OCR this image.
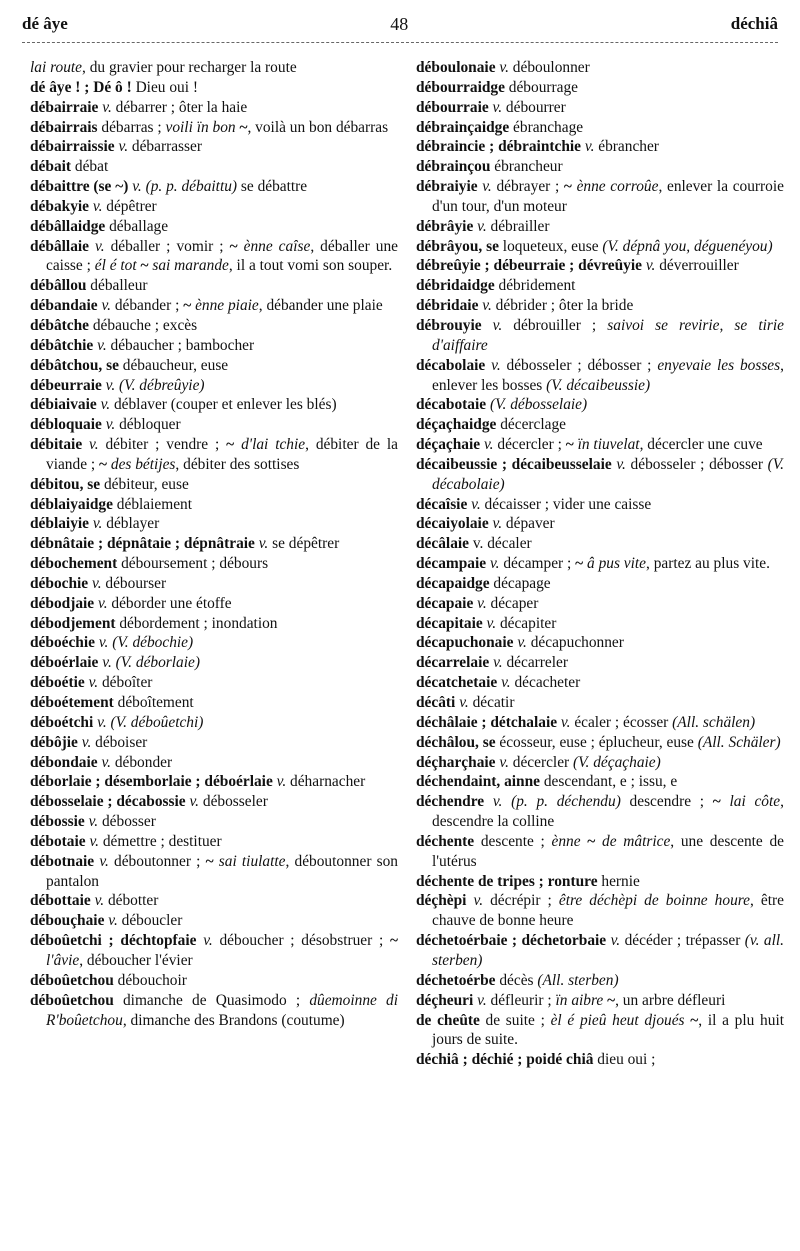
dé âye	48	déchiâ
lai route, du gravier pour recharger la route
dé âye ! ; Dé ô ! Dieu oui !
débairraie v. débarrer ; ôter la haie
débairrais débarras ; voili ïn bon ~, voilà un bon débarras
débairraissie v. débarrasser
débait débat
débaittre (se ~) v. (p. p. débaittu) se débattre
débakyie v. dépêtrer
débâllaidge déballage
débâllaie v. déballer ; vomir ; ~ ènne caîse, déballer une caisse ; él é tot ~ sai marande, il a tout vomi son souper.
débâllou déballeur
débandaie v. débander ; ~ ènne piaie, débander une plaie
débâtche débauche ; excès
débâtchie v. débaucher ; bambocher
débâtchou, se débaucheur, euse
débeurraie v. (V. débreûyie)
débiaivaie v. déblaver (couper et enlever les blés)
débloquaie v. débloquer
débitaie v. débiter ; vendre ; ~ d'lai tchie, débiter de la viande ; ~ des bétijes, débiter des sottises
débitou, se débiteur, euse
déblaiyaidge déblaiement
déblaiyie v. déblayer
débnâtaie ; dépnâtaie ; dépnâtraie v. se dépêtrer
débochement déboursement ; débours
débochie v. débourser
débodjaie v. déborder une étoffe
débodjement débordement ; inondation
déboéchie v. (V. débochie)
déboérlaie v. (V. déborlaie)
déboétie v. déboîter
déboétement déboîtement
déboétchi v. (V. déboûetchi)
débôjie v. déboiser
débondaie v. débonder
déborlaie ; désemborlaie ; déboérlaie v. déharnacher
débosselaie ; décabossie v. débosseler
débossie v. débosser
débotaie v. démettre ; destituer
débotnaie v. déboutonner ; ~ sai tiulatte, déboutonner son pantalon
débottaie v. débotter
débouçhaie v. déboucler
déboûetchi ; déchtopfaie v. déboucher ; désobstruer ; ~ l'âvie, déboucher l'évier
déboûetchou débouchoir
déboûetchou dimanche de Quasimodo ; dûemoinne di R'boûetchou, dimanche des Brandons (coutume)
déboulonaie v. déboulonner
débourraidge débourrage
débourraie v. débourrer
débrainçaidge ébranchage
débraincie ; débraintchie v. ébrancher
débrainçou ébrancheur
débraiyie v. débrayer ; ~ ènne corroûe, enlever la courroie d'un tour, d'un moteur
débrâyie v. débrailler
débrâyou, se loqueteux, euse (V. dépnâ you, déguenéyou)
débreûyie ; débeurraie ; dévreûyie v. déverrouiller
débridaidge débridement
débridaie v. débrider ; ôter la bride
débrouyie v. débrouiller ; saivoi se revirie, se tirie d'aiffaire
décabolaie v. débosseler ; débosser ; enyevaie les bosses, enlever les bosses (V. décaibeussie)
décabotaie (V. débosselaie)
déçaçhaidge décerclage
déçaçhaie v. décercler ; ~ ïn tiuvelat, décercler une cuve
décaibeussie ; décaibeusselaie v. débosseler ; débosser (V. décabolaie)
décaîsie v. décaisser ; vider une caisse
décaiyolaie v. dépaver
décâlaie v. décaler
décampaie v. décamper ; ~ â pus vite, partez au plus vite.
décapaidge décapage
décapaie v. décaper
décapitaie v. décapiter
décapuchonaie v. décapuchonner
décarrelaie v. décarreler
décatchetaie v. décacheter
décâti v. décatir
déchâlaie ; détchalaie v. écaler ; écosser (All. schälen)
déchâlou, se écosseur, euse ; éplucheur, euse (All. Schäler)
déçharçhaie v. décercler (V. déçaçhaie)
déchendaint, ainne descendant, e ; issu, e
déchendre v. (p. p. déchendu) descendre ; ~ lai côte, descendre la colline
déchente descente ; ènne ~ de mâtrice, une descente de l'utérus
déchente de tripes ; ronture hernie
déçhèpi v. décrépir ; être déchèpi de boinne houre, être chauve de bonne heure
déchetoérbaie ; déchetorbaie v. décéder ; trépasser (v. all. sterben)
déchetoérbe décès (All. sterben)
déçheuri v. défleurir ; ïn aibre ~, un arbre défleuri
de cheûte de suite ; èl é pieû heut djoués ~, il a plu huit jours de suite.
déchiâ ; déchié ; poidé chiâ dieu oui ;
